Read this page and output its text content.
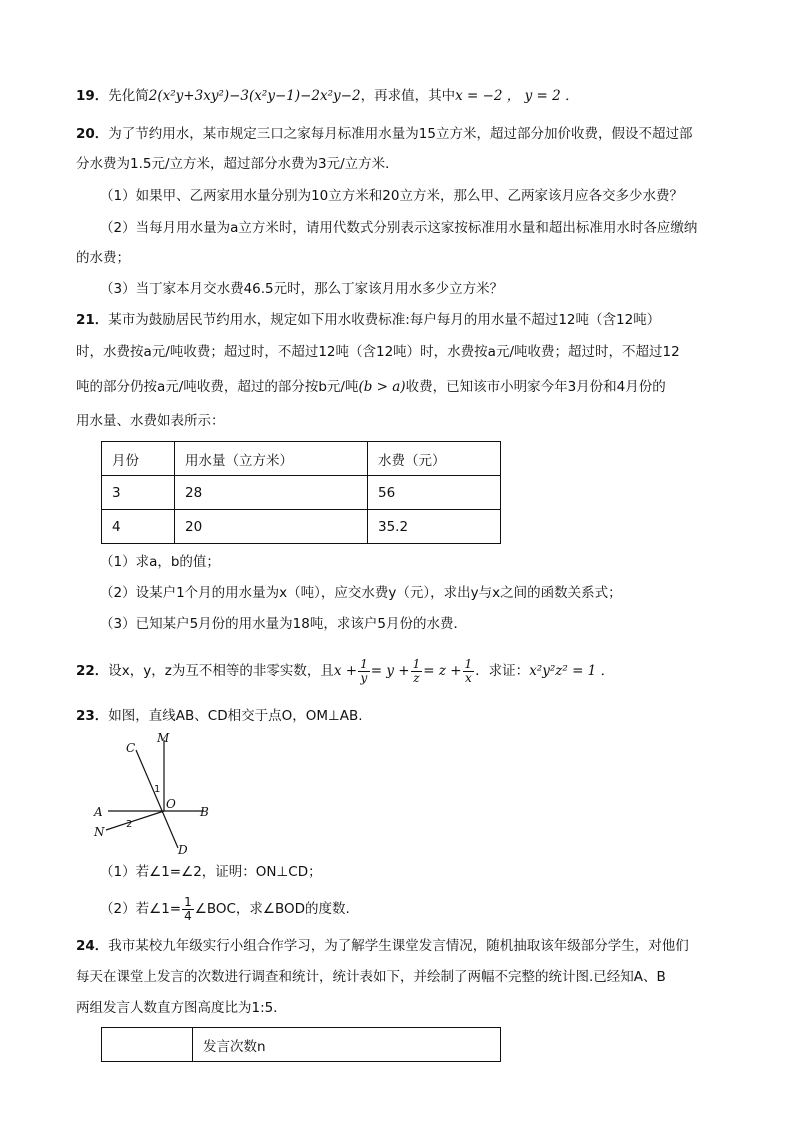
19．先化简2(x²y+3xy²)−3(x²y−1)−2x²y−2，再求值，其中x = −2 ， y = 2 ．
20．为了节约用水，某市规定三口之家每月标准用水量为15立方米，超过部分加价收费，假设不超过部
分水费为1.5元/立方米，超过部分水费为3元/立方米．
（1）如果甲、乙两家用水量分别为10立方米和20立方米，那么甲、乙两家该月应各交多少水费？
（2）当每月用水量为a立方米时，请用代数式分别表示这家按标准用水量和超出标准用水时各应缴纳
的水费；
（3）当丁家本月交水费46.5元时，那么丁家该月用水多少立方米？
21．某市为鼓励居民节约用水，规定如下用水收费标准:每户每月的用水量不超过12吨（含12吨）
时，水费按a元/吨收费；超过时，不超过12吨（含12吨）时，水费按a元/吨收费；超过时，不超过12
吨的部分仍按a元/吨收费，超过的部分按b元/吨(b > a)收费，已知该市小明家今年3月份和4月份的
用水量、水费如表所示：
月份	用水量（立方米）	水费（元）
3	28	56
4	20	35.2
（1）求a，b的值；
（2）设某户1个月的用水量为x（吨），应交水费y（元），求出y与x之间的函数关系式；
（3）已知某户5月份的用水量为18吨，求该户5月份的水费．
22．设x，y，z为互不相等的非零实数，且$x + \frac{1}{y} = y + \frac{1}{z} = z + \frac{1}{x}$ ．求证：x²y²z² = 1 ．
23．如图，直线AB、CD相交于点O，OM⊥AB.
C
M
A
O
B
N
D
1
2
（1）若∠1=∠2，证明：ON⊥CD；
（2）若∠1= $\frac{1}{4}$ ∠BOC，求∠BOD的度数.
24．我市某校九年级实行小组合作学习，为了解学生课堂发言情况，随机抽取该年级部分学生，对他们
每天在课堂上发言的次数进行调查和统计，统计表如下，并绘制了两幅不完整的统计图.已经知A、B
两组发言人数直方图高度比为1:5．
	发言次数n
